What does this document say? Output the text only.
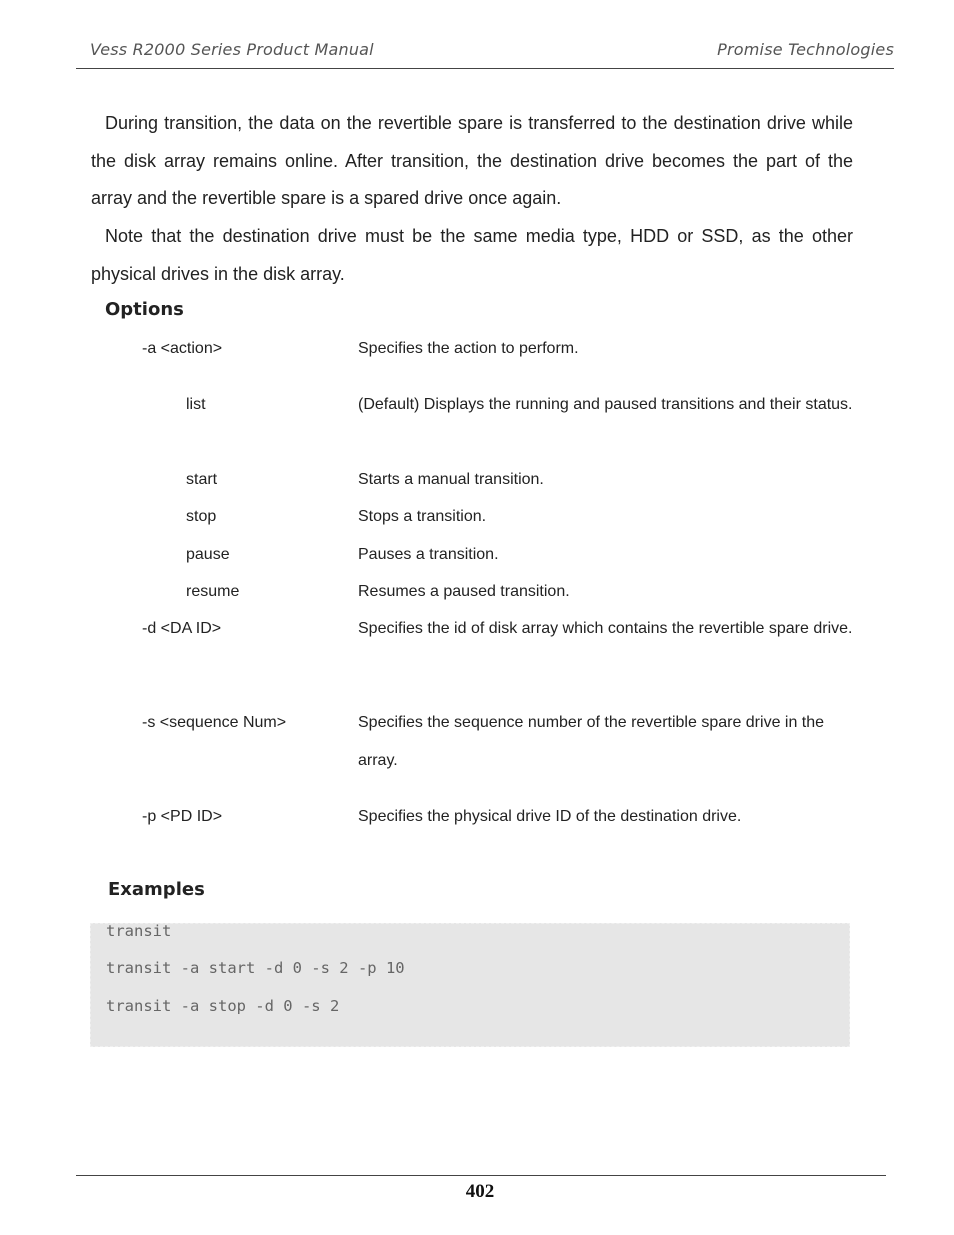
Vess R2000 Series Product Manual	Promise Technologies

During transition, the data on the revertible spare is transferred to the destination drive while the disk array remains online. After transition, the destination drive becomes the part of the array and the revertible spare is a spared drive once again.

Note that the destination drive must be the same media type, HDD or SSD, as the other physical drives in the disk array.

Options
-a <action>	Specifies the action to perform.
list	(Default) Displays the running and paused transitions and their status.
start	Starts a manual transition.
stop	Stops a transition.
pause	Pauses a transition.
resume	Resumes a paused transition.
-d <DA ID>	Specifies the id of disk array which contains the revertible spare drive.
-s <sequence Num>	Specifies the sequence number of the revertible spare drive in the array.
-p <PD ID>	Specifies the physical drive ID of the destination drive.
Examples
transit
transit -a start -d 0 -s 2 -p 10
transit -a stop -d 0 -s 2
402
